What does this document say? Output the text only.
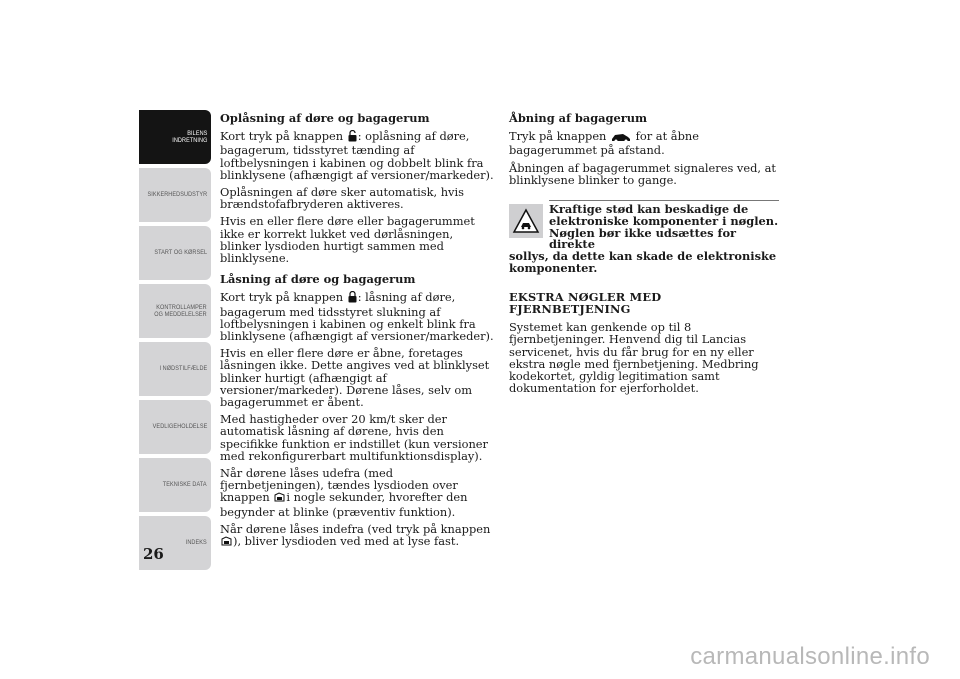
BILENS
INDRETNING
SIKKERHEDSUDSTYR
START OG KØRSEL
KONTROLLAMPER
OG MEDDELELSER
I NØDSTILFÆLDE
VEDLIGEHOLDELSE
TEKNISKE DATA
INDEKS
26
Oplåsning af døre og bagagerum
Kort tryk på knappen : oplåsning af døre, bagagerum, tidsstyret tænding af loftbelysningen i kabinen og dobbelt blink fra blinklysene (afhængigt af versioner/markeder).
Oplåsningen af døre sker automatisk, hvis brændstofafbryderen aktiveres.
Hvis en eller flere døre eller bagagerummet ikke er korrekt lukket ved dørlåsningen, blinker lysdioden hurtigt sammen med blinklysene.
Låsning af døre og bagagerum
Kort tryk på knappen : låsning af døre, bagagerum med tidsstyret slukning af loftbelysningen i kabinen og enkelt blink fra blinklysene (afhængigt af versioner/markeder).
Hvis en eller flere døre er åbne, foretages låsningen ikke. Dette angives ved at blinklyset blinker hurtigt (afhængigt af versioner/markeder). Dørene låses, selv om bagagerummet er åbent.
Med hastigheder over 20 km/t sker der automatisk låsning af dørene, hvis den specifikke funktion er indstillet (kun versioner med rekonfigurerbart multifunktionsdisplay).
Når dørene låses udefra (med fjernbetjeningen), tændes lysdioden over knappen i nogle sekunder, hvorefter den begynder at blinke (præventiv funktion).
Når dørene låses indefra (ved tryk på knappen
), bliver lysdioden ved med at lyse fast.
Åbning af bagagerum
Tryk på knappen	for at åbne bagagerummet på afstand.
Åbningen af bagagerummet signaleres ved, at blinklysene blinker to gange.
Kraftige stød kan beskadige de elektroniske komponenter i nøglen. Nøglen bør ikke udsættes for direkte
sollys, da dette kan skade de elektroniske komponenter.
EKSTRA NØGLER MED FJERNBETJENING
Systemet kan genkende op til 8 fjernbetjeninger. Henvend dig til Lancias servicenet, hvis du får brug for en ny eller ekstra nøgle med fjernbetjening. Medbring kodekortet, gyldig legitimation samt dokumentation for ejerforholdet.
carmanualsonline.info
